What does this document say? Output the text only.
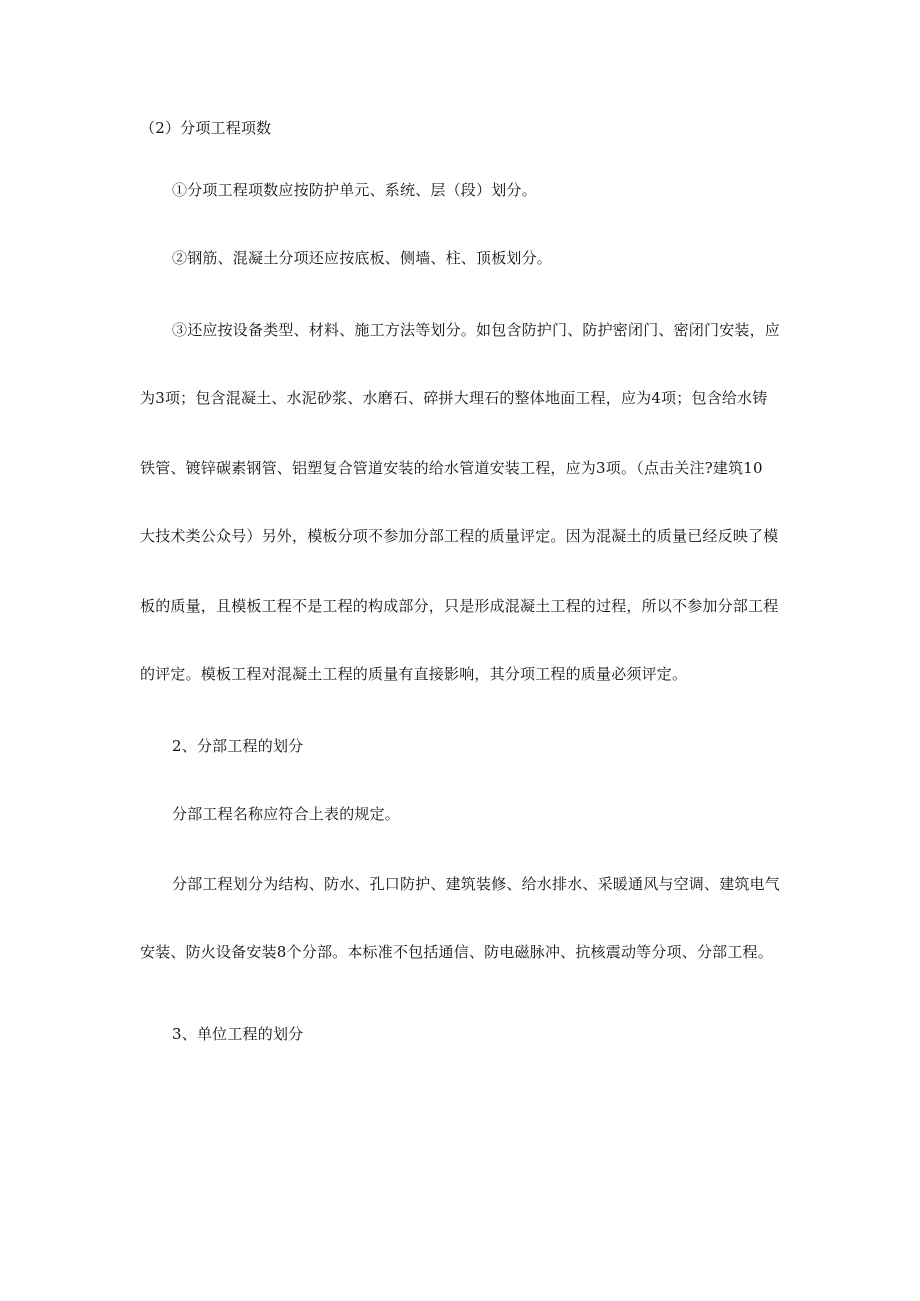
（2）分项工程项数
①分项工程项数应按防护单元、系统、层（段）划分。
②钢筋、混凝土分项还应按底板、侧墙、柱、顶板划分。
③还应按设备类型、材料、施工方法等划分。如包含防护门、防护密闭门、密闭门安装，应
为3项；包含混凝土、水泥砂浆、水磨石、碎拼大理石的整体地面工程，应为4项；包含给水铸
铁管、镀锌碳素钢管、铝塑复合管道安装的给水管道安装工程，应为3项。（点击关注?建筑10
大技术类公众号）另外，模板分项不参加分部工程的质量评定。因为混凝土的质量已经反映了模
板的质量，且模板工程不是工程的构成部分，只是形成混凝土工程的过程，所以不参加分部工程
的评定。模板工程对混凝土工程的质量有直接影响，其分项工程的质量必须评定。
2、分部工程的划分
分部工程名称应符合上表的规定。
分部工程划分为结构、防水、孔口防护、建筑装修、给水排水、采暖通风与空调、建筑电气
安装、防火设备安装8个分部。本标准不包括通信、防电磁脉冲、抗核震动等分项、分部工程。
3、单位工程的划分
